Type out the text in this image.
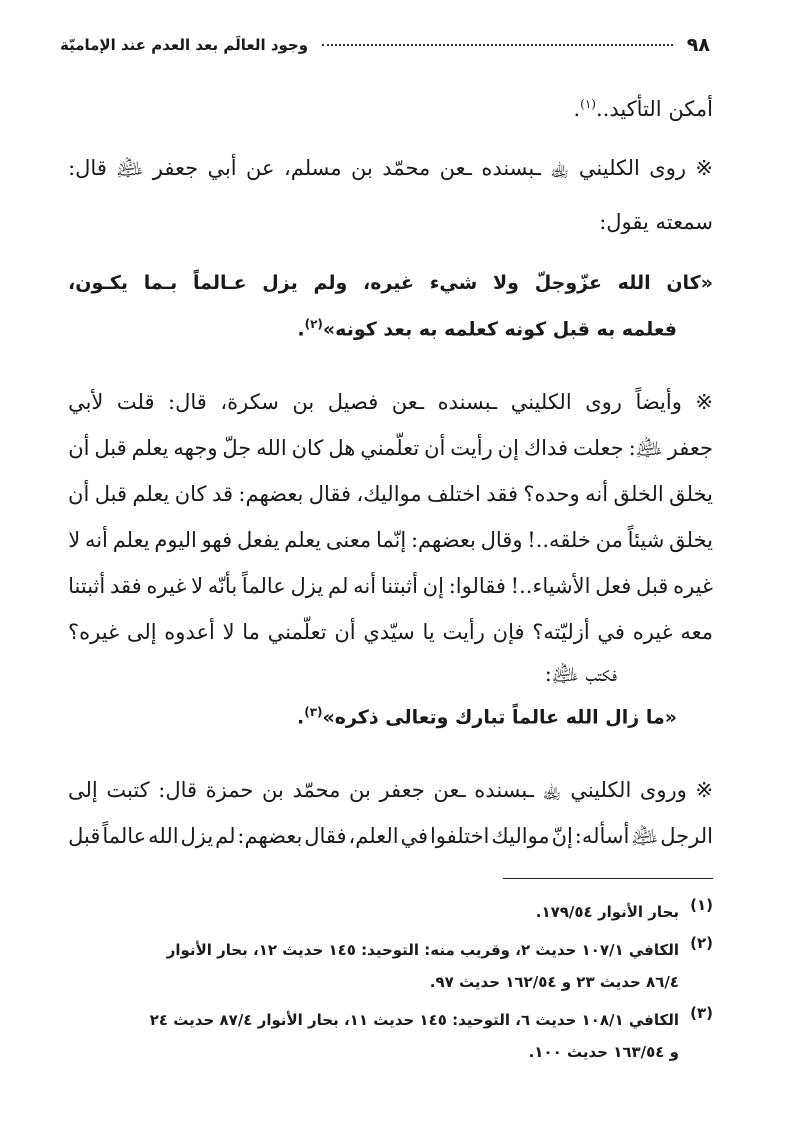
٩٨
وجود العالَم بعد العدم عند الإماميّة
أمكن التأكيد..$^{(١)}$.
※
روى
الكليني
﵀
ـبسنده
ـعن
محمّد
بن
مسلم،
عن
أبي
جعفر
﵇
قال:
سمعته يقول:
«كان
الله
عزّوجلّ
ولا
شيء
غيره،
ولم
يزل
عـالماً
بـما
يكـون،
فعلمه به قبل كونه كعلمه به بعد كونه»$^{(٢)}$.
※
وأيضاً
روى
الكليني
ـبسنده
ـعن
فصيل
بن
سكرة،
قال:
قلت
لأبي
جعفر
﵇:
جعلت
فداك
إن
رأيت
أن
تعلّمني
هل
كان
الله
جلّ
وجهه
يعلم
قبل
أن
يخلق
الخلق
أنه
وحده؟
فقد
اختلف
مواليك،
فقال
بعضهم:
قد
كان
يعلم
قبل
أن
يخلق
شيئاً
من
خلقه..!
وقال
بعضهم:
إنّما
معنى
يعلم
يفعل
فهو
اليوم
يعلم
أنه
لا
غيره
قبل
فعل
الأشياء..!
فقالوا:
إن
أثبتنا
أنه
لم
يزل
عالماً
بأنّه
لا
غيره
فقد
أثبتنا
معه
غيره
في
أزليّته؟
فإن
رأيت
يا
سيّدي
أن
تعلّمني
ما
لا
أعدوه
إلى
غيره؟
فكتب ﵇:
«ما زال الله عالماً تبارك وتعالى ذكره»$^{(٣)}$.
※
وروى
الكليني
﵀
ـبسنده
ـعن
جعفر
بن
محمّد
بن
حمزة
قال:
كتبت
إلى
الرجل
﵇
أسأله:
إنّ
مواليك
اختلفوا
في
العلم،
فقال
بعضهم:
لم
يزل
الله
عالماً
قبل
(١)
بحار الأنوار ١٧٩/٥٤.
(٢)
الكافي ١٠٧/١ حديث ٢، وقريب منه: التوحيد: ١٤٥ حديث ١٢، بحار الأنوار
٨٦/٤ حديث ٢٣ و ١٦٢/٥٤ حديث ٩٧.
(٣)
الكافي ١٠٨/١ حديث ٦، التوحيد: ١٤٥ حديث ١١، بحار الأنوار ٨٧/٤ حديث ٢٤
و ١٦٣/٥٤ حديث ١٠٠.
